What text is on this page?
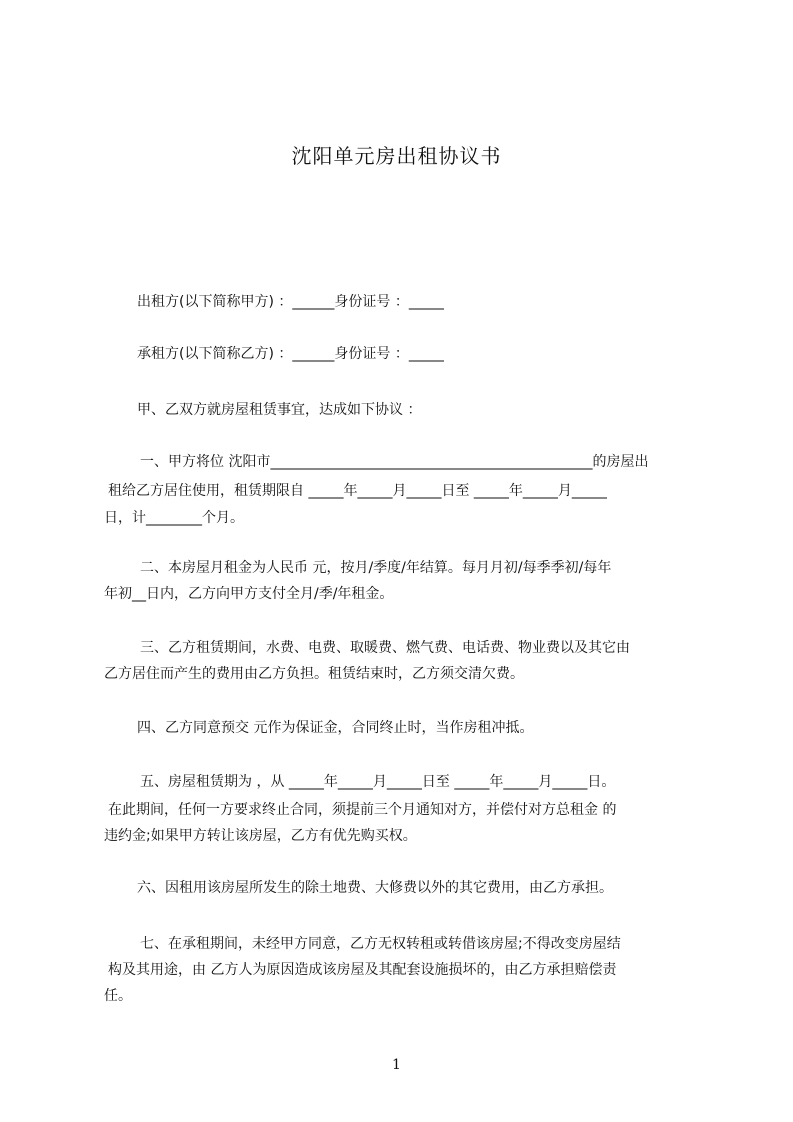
沈阳单元房出租协议书
出租方(以下简称甲方) ：______身份证号 ：_____
承租方(以下简称乙方) ：______身份证号 ：_____
甲、乙双方就房屋租赁事宜，达成如下协议 ：
一、甲方将位 沈阳市______________________________________________的房屋出
租给乙方居住使用，租赁期限自 _____年_____月_____日至 _____年_____月_____
日，计________个月。
二、本房屋月租金为人民币 元，按月/季度/年结算。每月月初/每季季初/每年
年初__日内，乙方向甲方支付全月/季/年租金。
三、乙方租赁期间，水费、电费、取暖费、燃气费、电话费、物业费以及其它由
乙方居住而产生的费用由乙方负担。租赁结束时，乙方须交清欠费。
四、乙方同意预交 元作为保证金，合同终止时，当作房租冲抵。
五、房屋租赁期为 ，从 _____年_____月_____日至 _____年_____月_____日。
在此期间，任何一方要求终止合同，须提前三个月通知对方，并偿付对方总租金 的
违约金;如果甲方转让该房屋，乙方有优先购买权。
六、因租用该房屋所发生的除土地费、大修费以外的其它费用，由乙方承担。
七、在承租期间，未经甲方同意，乙方无权转租或转借该房屋;不得改变房屋结
构及其用途，由 乙方人为原因造成该房屋及其配套设施损坏的，由乙方承担赔偿责
任。
1
